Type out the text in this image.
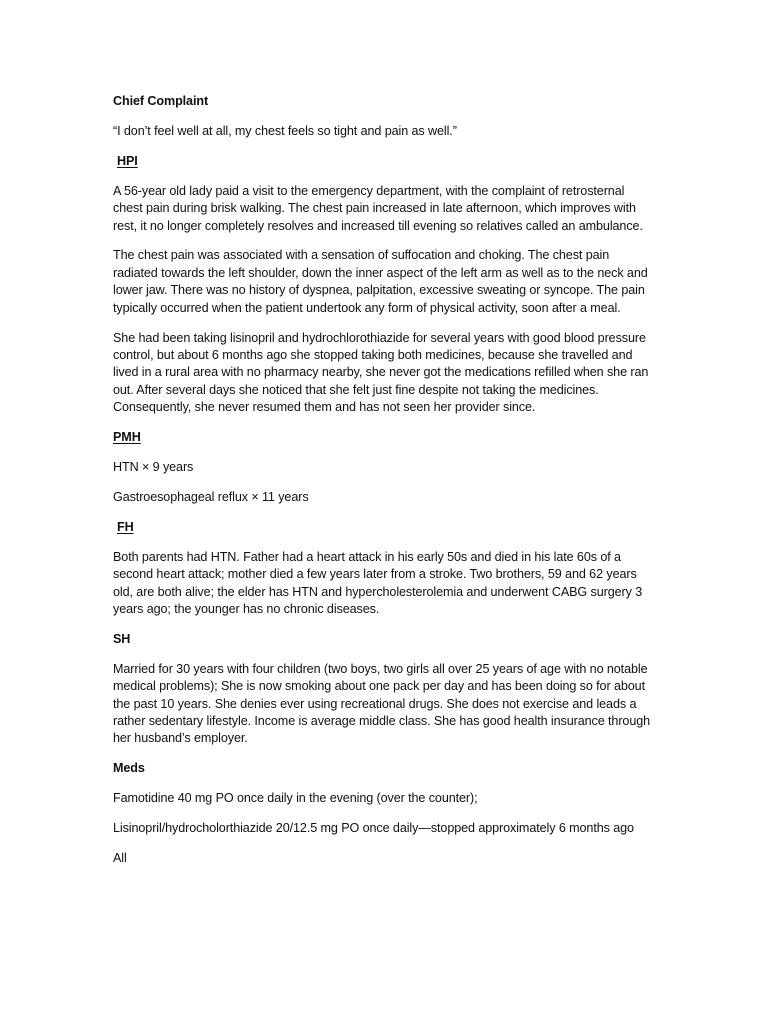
Chief Complaint
“I don’t feel well at all, my chest feels so tight and pain as well.”
HPI
A 56-year old lady paid a visit to the emergency department, with the complaint of retrosternal chest pain during brisk walking. The chest pain increased in late afternoon, which improves with rest, it no longer completely resolves and increased till evening so relatives called an ambulance.
The chest pain was associated with a sensation of suffocation and choking. The chest pain radiated towards the left shoulder, down the inner aspect of the left arm as well as to the neck and lower jaw. There was no history of dyspnea, palpitation, excessive sweating or syncope. The pain typically occurred when the patient undertook any form of physical activity, soon after a meal.
She had been taking lisinopril and hydrochlorothiazide for several years with good blood pressure control, but about 6 months ago she stopped taking both medicines, because she travelled and lived in a rural area with no pharmacy nearby, she never got the medications refilled when she ran out. After several days she noticed that she felt just fine despite not taking the medicines. Consequently, she never resumed them and has not seen her provider since.
PMH
HTN × 9 years
Gastroesophageal reflux × 11 years
FH
Both parents had HTN. Father had a heart attack in his early 50s and died in his late 60s of a second heart attack; mother died a few years later from a stroke. Two brothers, 59 and 62 years old, are both alive; the elder has HTN and hypercholesterolemia and underwent CABG surgery 3 years ago; the younger has no chronic diseases.
SH
Married for 30 years with four children (two boys, two girls all over 25 years of age with no notable medical problems); She is now smoking about one pack per day and has been doing so for about the past 10 years. She denies ever using recreational drugs. She does not exercise and leads a rather sedentary lifestyle. Income is average middle class. She has good health insurance through her husband’s employer.
Meds
Famotidine 40 mg PO once daily in the evening (over the counter);
Lisinopril/hydrocholorthiazide 20/12.5 mg PO once daily—stopped approximately 6 months ago
All
